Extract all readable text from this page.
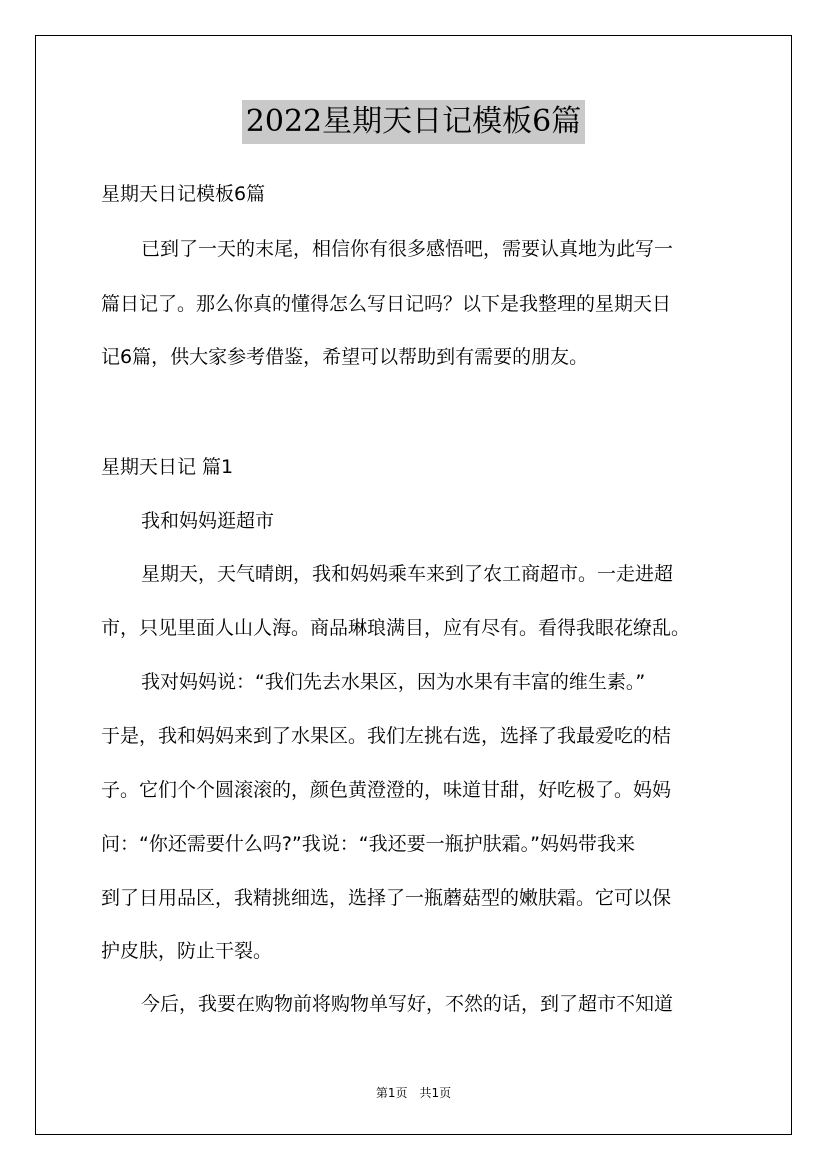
2022星期天日记模板6篇

星期天日记模板6篇

已到了一天的末尾，相信你有很多感悟吧，需要认真地为此写一

篇日记了。那么你真的懂得怎么写日记吗？以下是我整理的星期天日

记6篇，供大家参考借鉴，希望可以帮助到有需要的朋友。

星期天日记 篇1

我和妈妈逛超市

星期天，天气晴朗，我和妈妈乘车来到了农工商超市。一走进超

市，只见里面人山人海。商品琳琅满目，应有尽有。看得我眼花缭乱。

我对妈妈说：“我们先去水果区，因为水果有丰富的维生素。”

于是，我和妈妈来到了水果区。我们左挑右选，选择了我最爱吃的桔

子。它们个个圆滚滚的，颜色黄澄澄的，味道甘甜，好吃极了。妈妈

问：“你还需要什么吗?”我说：“我还要一瓶护肤霜。”妈妈带我来

到了日用品区，我精挑细选，选择了一瓶蘑菇型的嫩肤霜。它可以保

护皮肤，防止干裂。

今后，我要在购物前将购物单写好，不然的话，到了超市不知道

第1页 共1页
